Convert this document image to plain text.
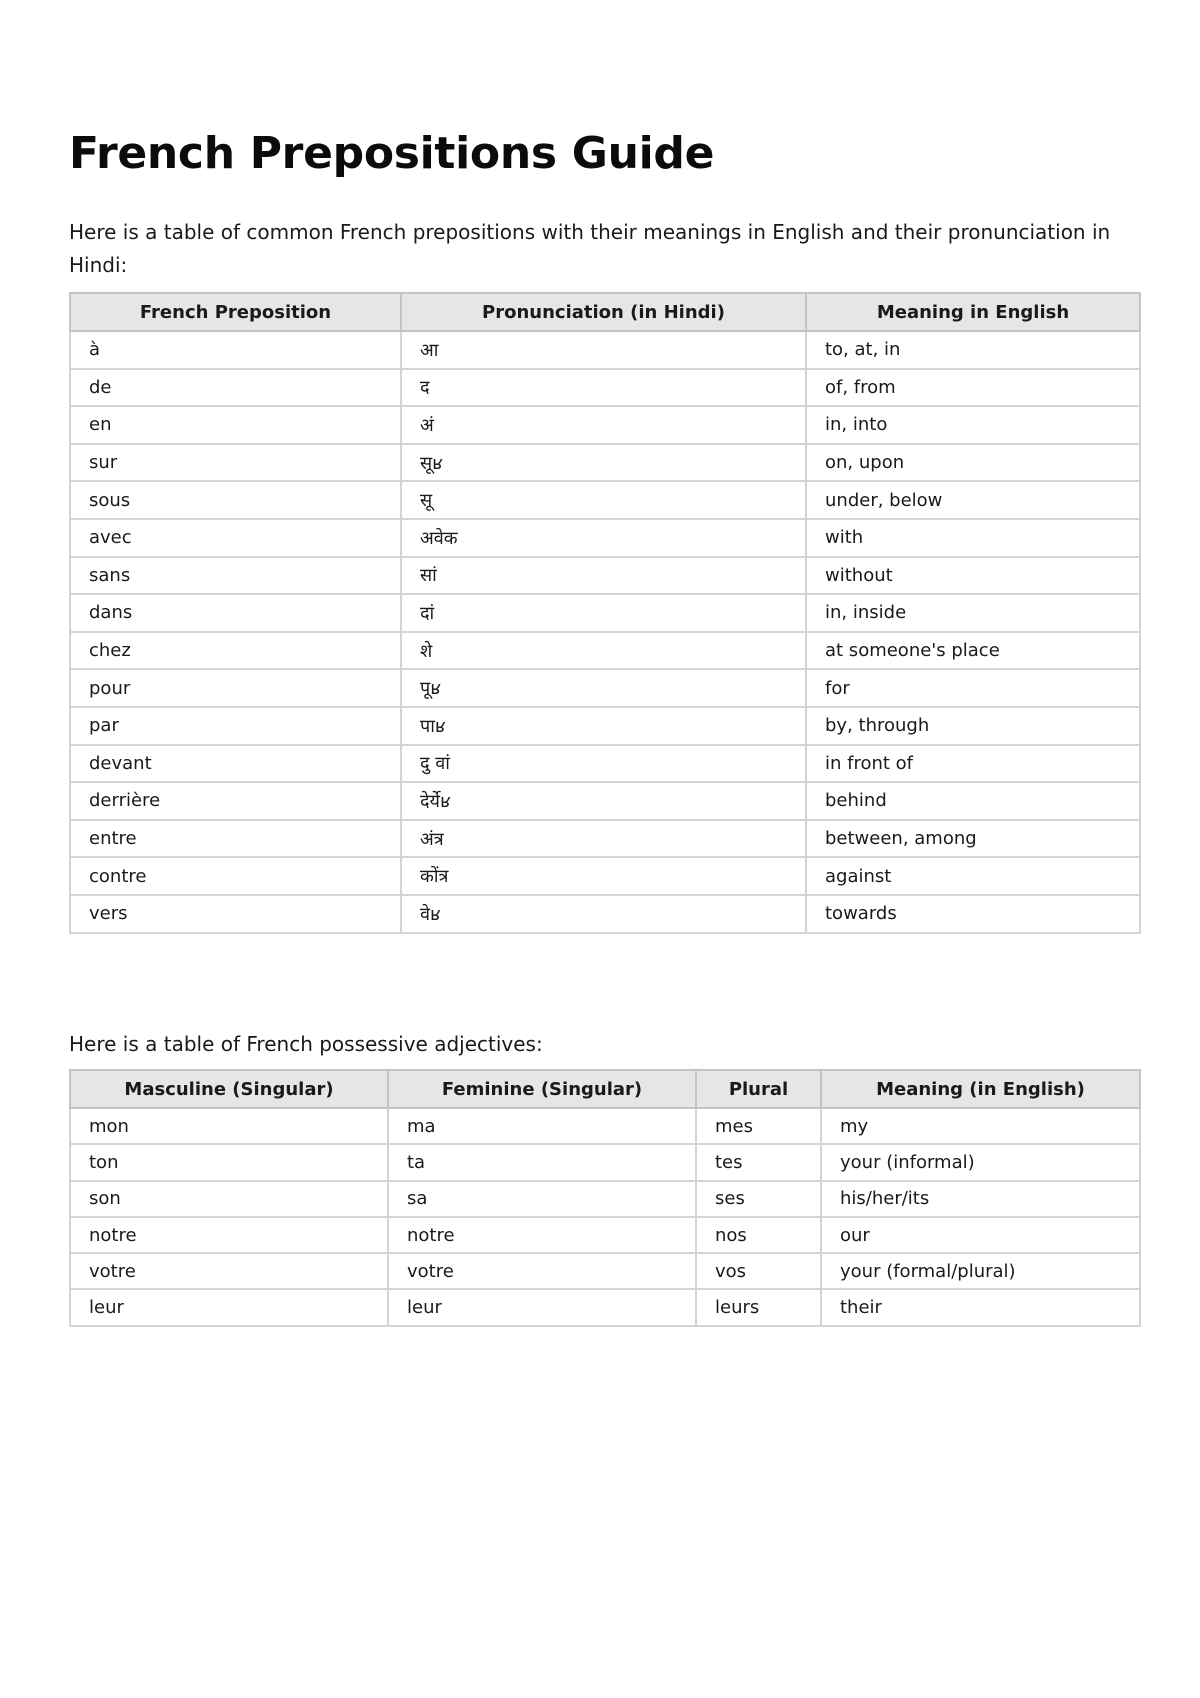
French Prepositions Guide

Here is a table of common French prepositions with their meanings in English and their pronunciation in Hindi:

French Preposition	Pronunciation (in Hindi)	Meaning in English
à	आ	to, at, in
de	द	of, from
en	अं	in, into
sur	सूʁ	on, upon
sous	सू	under, below
avec	अवेक	with
sans	सां	without
dans	दां	in, inside
chez	शे	at someone's place
pour	पूʁ	for
par	पाʁ	by, through
devant	दु वां	in front of
derrière	देर्येʁ	behind
entre	अंत्र	between, among
contre	कोंत्र	against
vers	वेʁ	towards

Here is a table of French possessive adjectives:

Masculine (Singular)	Feminine (Singular)	Plural	Meaning (in English)
mon	ma	mes	my
ton	ta	tes	your (informal)
son	sa	ses	his/her/its
notre	notre	nos	our
votre	votre	vos	your (formal/plural)
leur	leur	leurs	their
